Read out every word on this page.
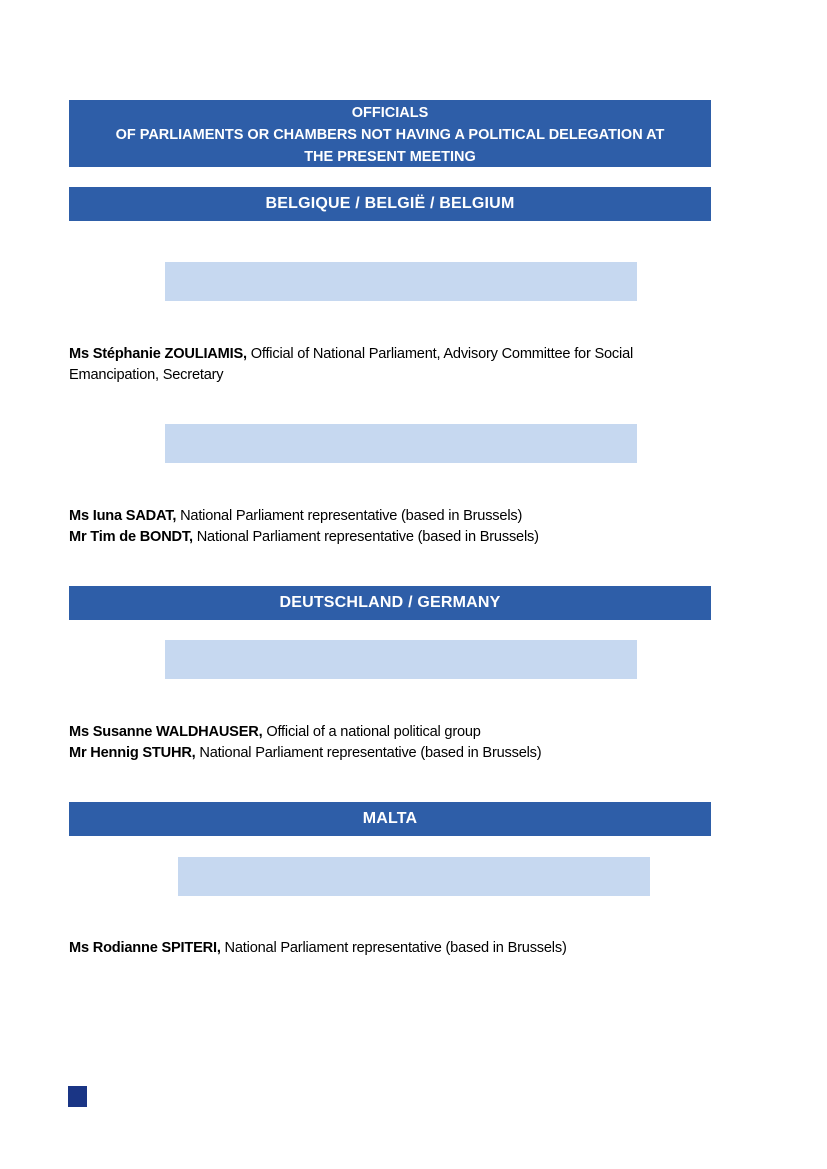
OFFICIALS
OF PARLIAMENTS OR CHAMBERS NOT HAVING A POLITICAL DELEGATION AT
THE PRESENT MEETING
BELGIQUE / BELGIË / BELGIUM

Ms Stéphanie ZOULIAMIS, Official of National Parliament, Advisory Committee for Social Emancipation, Secretary

Ms Iuna SADAT, National Parliament representative (based in Brussels)

Mr Tim de BONDT, National Parliament representative (based in Brussels)

DEUTSCHLAND / GERMANY

Ms Susanne WALDHAUSER, Official of a national political group

Mr Hennig STUHR, National Parliament representative (based in Brussels)

MALTA

Ms Rodianne SPITERI, National Parliament representative (based in Brussels)
